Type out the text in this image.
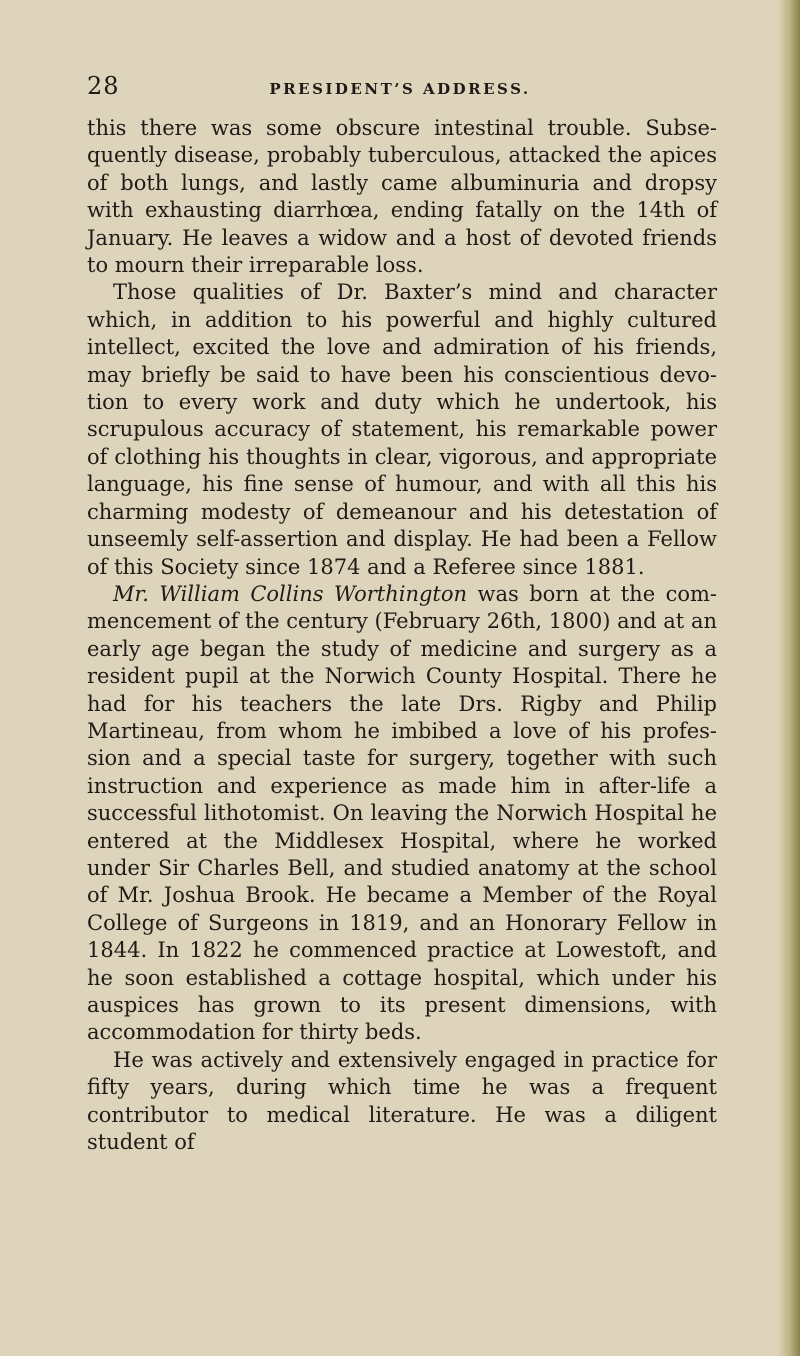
28	PRESIDENT’S ADDRESS.

this there was some obscure intestinal trouble. Subse- quently disease, probably tuberculous, attacked the apices of both lungs, and lastly came albuminuria and dropsy with exhausting diarrhœa, ending fatally on the 14th of January. He leaves a widow and a host of devoted friends to mourn their irreparable loss.

Those qualities of Dr. Baxter’s mind and character which, in addition to his powerful and highly cultured intellect, excited the love and admiration of his friends, may briefly be said to have been his conscientious devo- tion to every work and duty which he undertook, his scrupulous accuracy of statement, his remarkable power of clothing his thoughts in clear, vigorous, and appropriate language, his fine sense of humour, and with all this his charming modesty of demeanour and his detestation of unseemly self-assertion and display. He had been a Fellow of this Society since 1874 and a Referee since 1881.

Mr. William Collins Worthington was born at the com- mencement of the century (February 26th, 1800) and at an early age began the study of medicine and surgery as a resident pupil at the Norwich County Hospital. There he had for his teachers the late Drs. Rigby and Philip Martineau, from whom he imbibed a love of his profes- sion and a special taste for surgery, together with such instruction and experience as made him in after-life a successful lithotomist. On leaving the Norwich Hospital he entered at the Middlesex Hospital, where he worked under Sir Charles Bell, and studied anatomy at the school of Mr. Joshua Brook. He became a Member of the Royal College of Surgeons in 1819, and an Honorary Fellow in 1844. In 1822 he commenced practice at Lowestoft, and he soon established a cottage hospital, which under his auspices has grown to its present dimensions, with accommodation for thirty beds.

He was actively and extensively engaged in practice for fifty years, during which time he was a frequent contributor to medical literature. He was a diligent student of
